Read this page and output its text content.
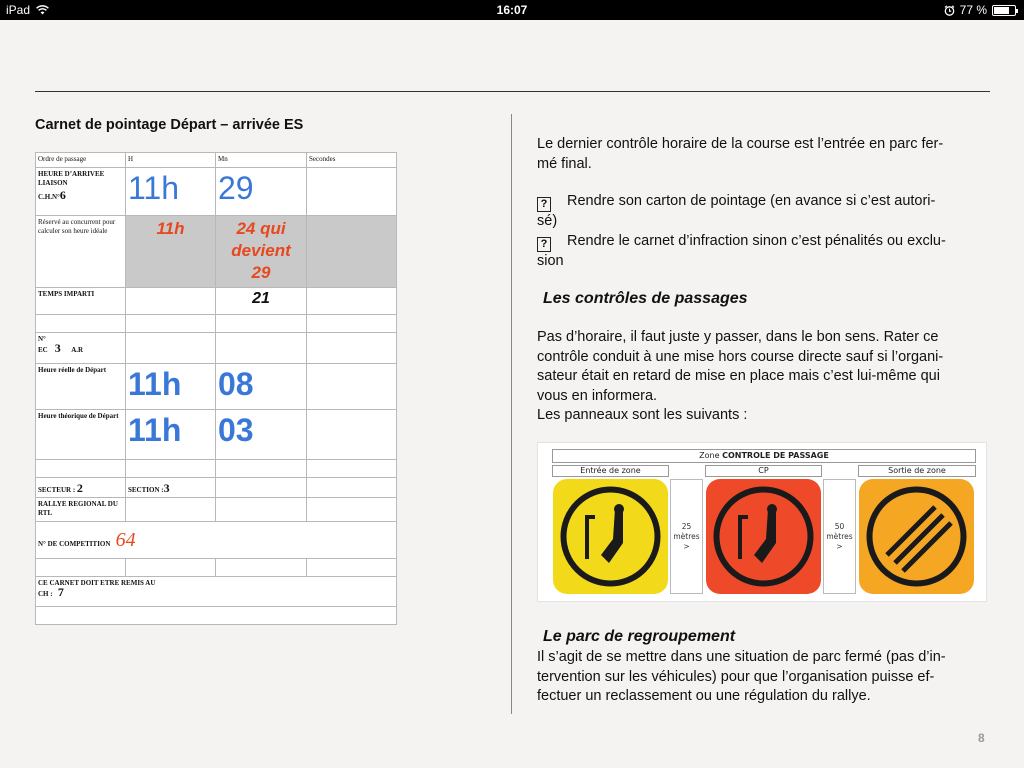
iPad	16:07	77 %
Carnet de pointage Départ – arrivée ES
Ordre de passage	H	Mn	Secondes

HEURE D’ARRIVEE LIAISON
C.H.N°6	11h	29	

Réservé au concurrent pour calculer son heure idéale	11h	24 qui
devient
29	

TEMPS IMPARTI		21	

N°
EC 3 A.R			

Heure réelle de Départ	11h	08	

Heure théorique de Départ	11h	03	

SECTEUR : 2	SECTION :3		

RALLYE REGIONAL DU RTL			

N° DE COMPETITION 64			

CE CARNET DOIT ETRE REMIS AU
CH : 7			

Le dernier contrôle horaire de la course est l’entrée en parc fer-
mé final.
? Rendre son carton de pointage (en avance si c’est autori-
sé)
? Rendre le carnet d’infraction sinon c’est pénalités ou exclu-
sion
Les contrôles de passages
Pas d’horaire, il faut juste y passer, dans le bon sens. Rater ce
contrôle conduit à une mise hors course directe sauf si l’organi-
sateur était en retard de mise en place mais c’est lui-même qui
vous en informera.
Les panneaux sont les suivants :
Zone CONTROLE DE PASSAGE
Entrée de zone	CP	Sortie de zone
25
mètres
>
50
mètres
>
Le parc de regroupement
Il s’agit de se mettre dans une situation de parc fermé (pas d’in-
tervention sur les véhicules) pour que l’organisation puisse ef-
fectuer un reclassement ou une régulation du rallye.
8
